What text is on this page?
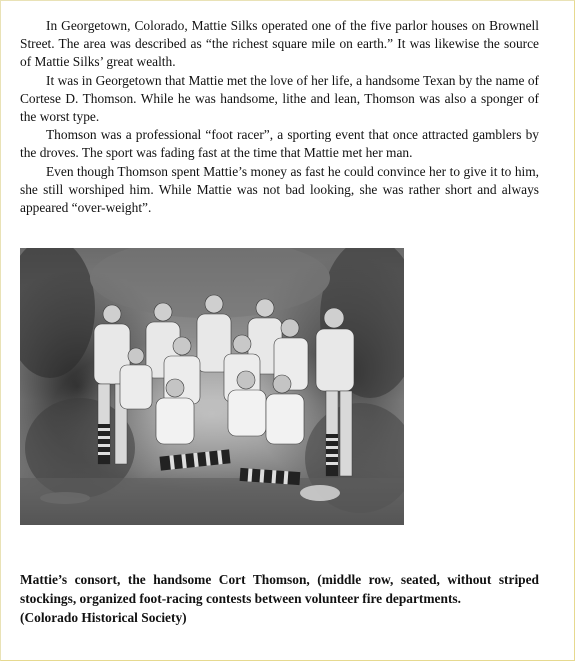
In Georgetown, Colorado, Mattie Silks operated one of the five parlor houses on Brownell Street. The area was described as “the richest square mile on earth.” It was likewise the source of Mattie Silks’ great wealth.

It was in Georgetown that Mattie met the love of her life, a handsome Texan by the name of Cortese D. Thomson. While he was handsome, lithe and lean, Thomson was also a sponger of the worst type.

Thomson was a professional “foot racer”, a sporting event that once attracted gamblers by the droves. The sport was fading fast at the time that Mattie met her man.

Even though Thomson spent Mattie’s money as fast he could convince her to give it to him, she still worshiped him. While Mattie was not bad looking, she was rather short and always appeared “over-weight”.

Mattie’s consort, the handsome Cort Thomson, (middle row, seated, without striped stockings, organized foot-racing contests between volunteer fire departments.
(Colorado Historical Society)
